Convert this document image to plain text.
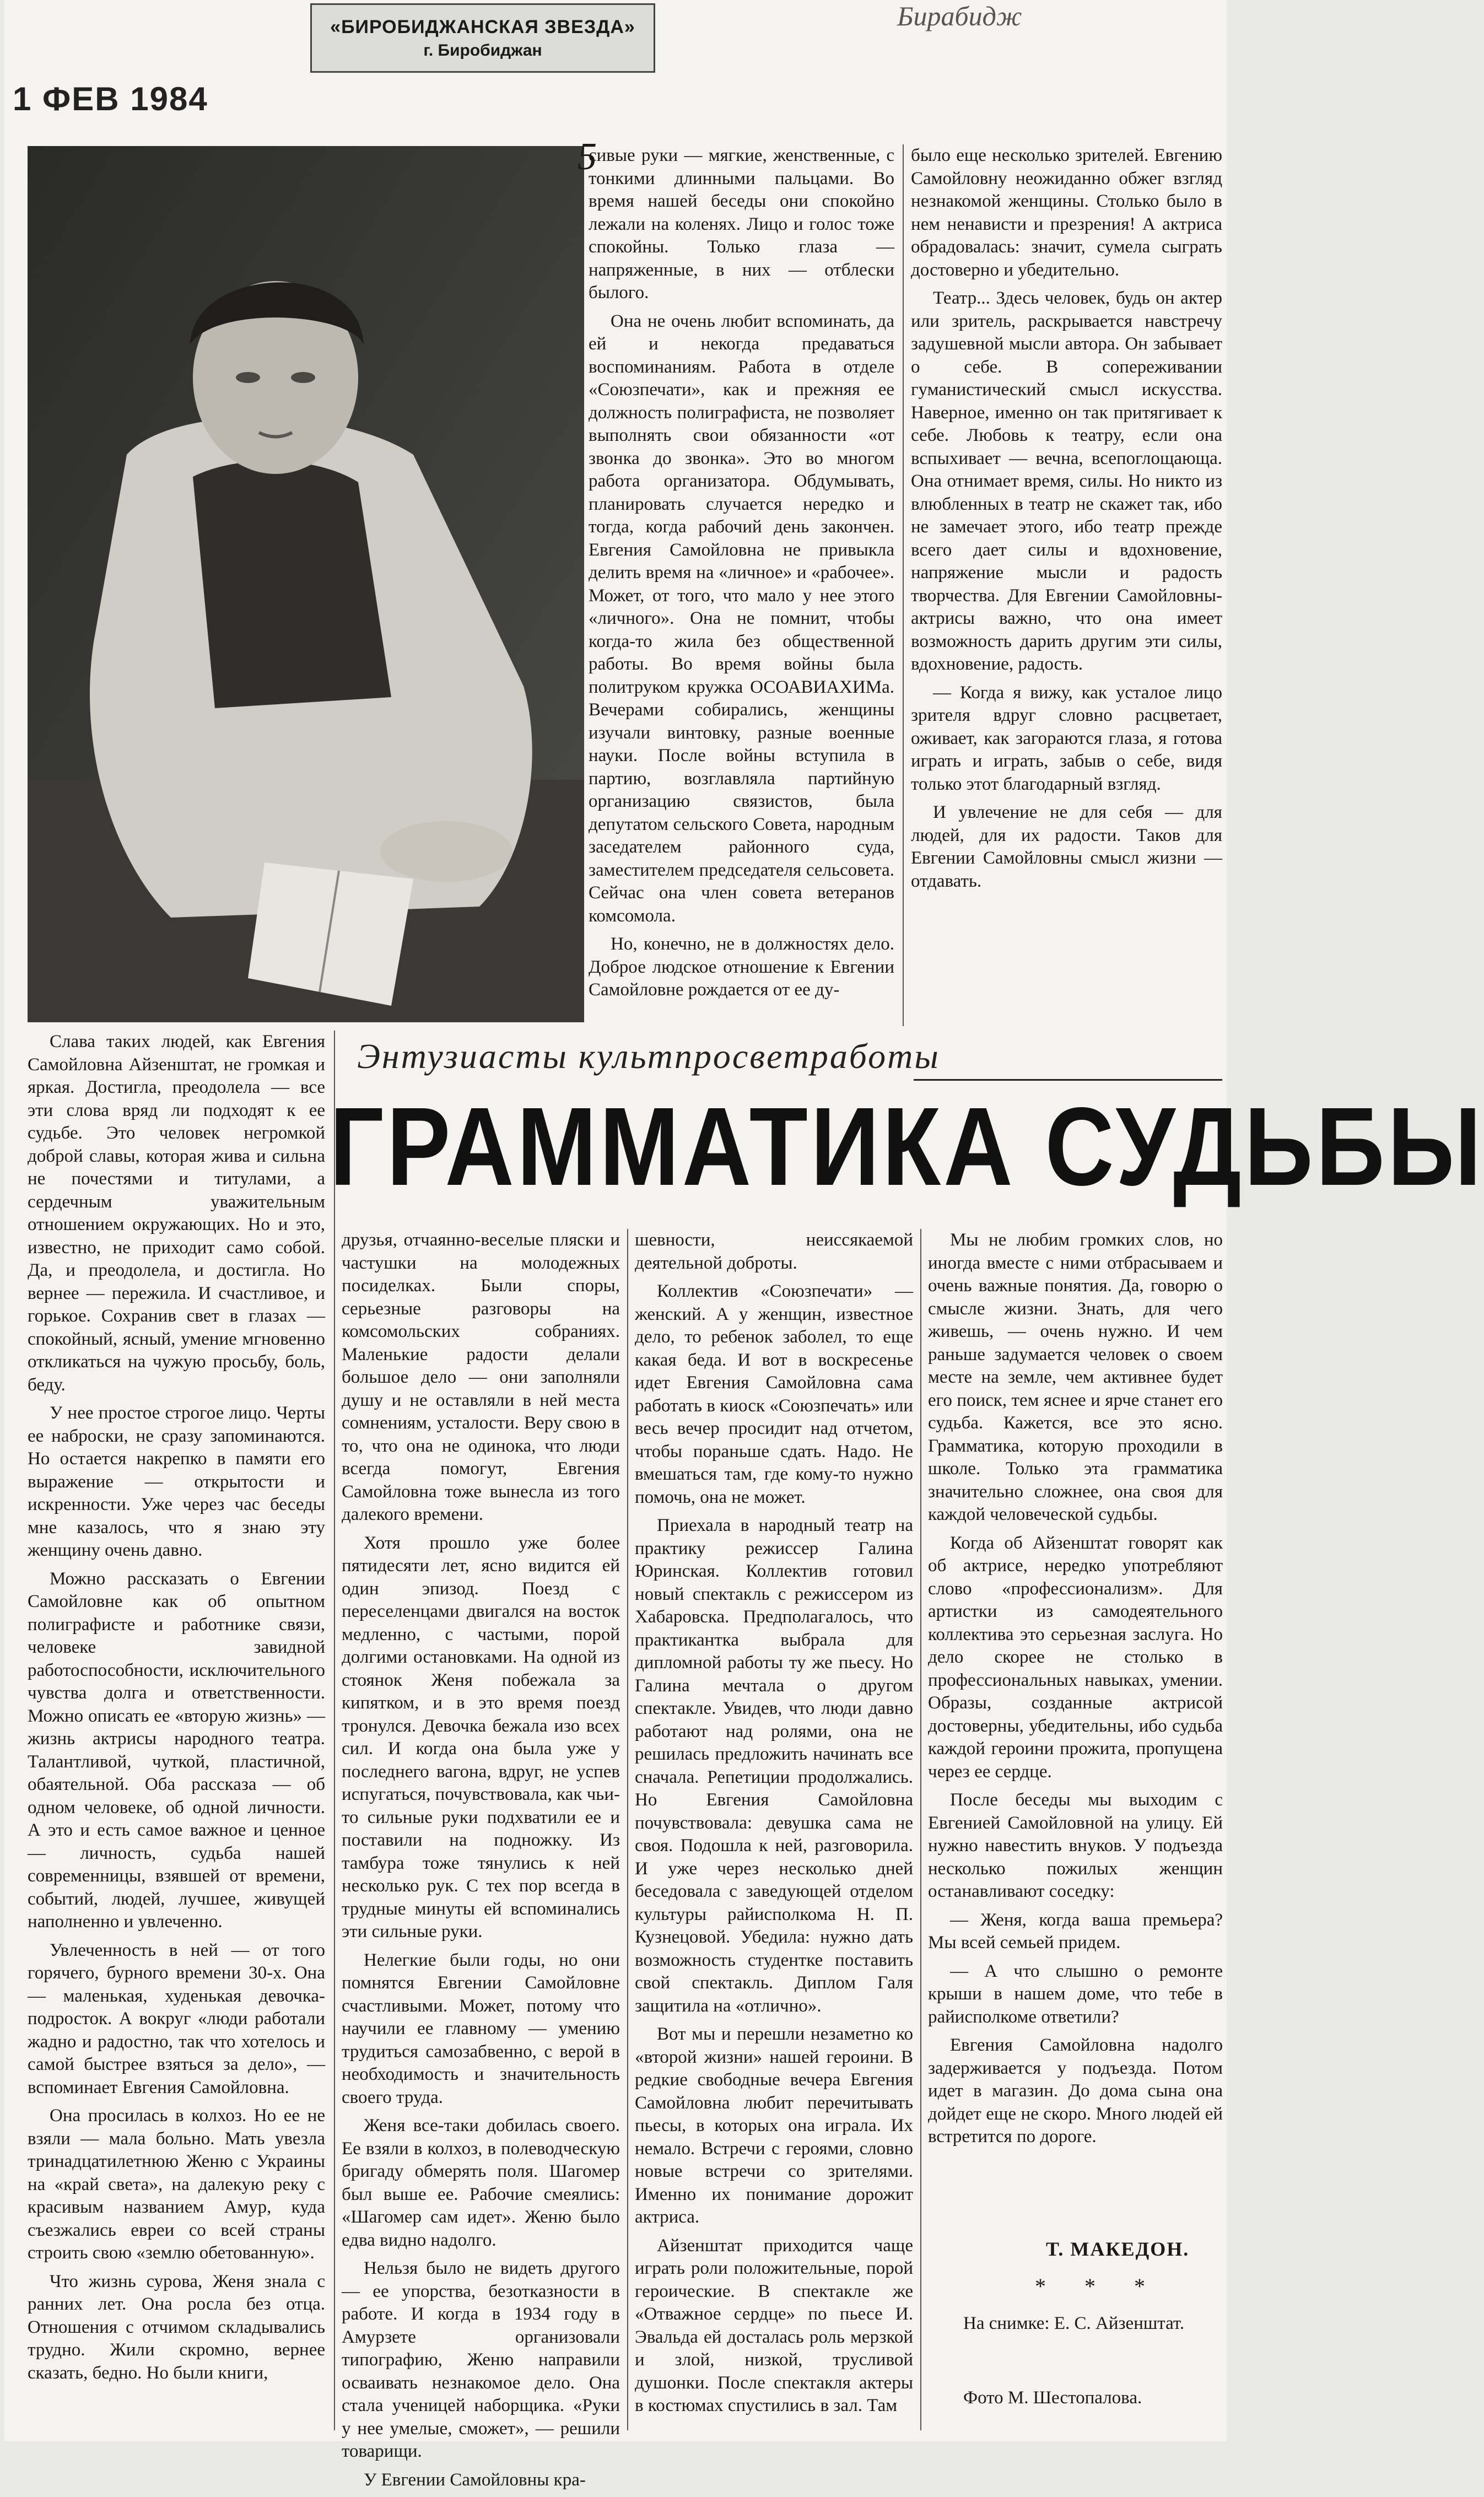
Бирабидж
«БИРОБИДЖАНСКАЯ ЗВЕЗДА»
г. Биробиджан
1 ФЕВ 1984
5

сивые руки — мягкие, женственные, с тонкими длинными пальцами. Во время нашей беседы они спокойно лежали на коленях. Лицо и голос тоже спокойны. Только глаза — напряженные, в них — отблески былого.

Она не очень любит вспоминать, да ей и некогда предаваться воспоминаниям. Работа в отделе «Союзпечати», как и прежняя ее должность полиграфиста, не позволяет выполнять свои обязанности «от звонка до звонка». Это во многом работа организатора. Обдумывать, планировать случается нередко и тогда, когда рабочий день закончен. Евгения Самойловна не привыкла делить время на «личное» и «рабочее». Может, от того, что мало у нее этого «личного». Она не помнит, чтобы когда-то жила без общественной работы. Во время войны была политруком кружка ОСОАВИАХИМа. Вечерами собирались, женщины изучали винтовку, разные военные науки. После войны вступила в партию, возглавляла партийную организацию связистов, была депутатом сельского Совета, народным заседателем районного суда, заместителем председателя сельсовета. Сейчас она член совета ветеранов комсомола.

Но, конечно, не в должностях дело. Доброе людское отношение к Евгении Самойловне рождается от ее ду-

было еще несколько зрителей. Евгению Самойловну неожиданно обжег взгляд незнакомой женщины. Столько было в нем ненависти и презрения! А актриса обрадовалась: значит, сумела сыграть достоверно и убедительно.

Театр... Здесь человек, будь он актер или зритель, раскрывается навстречу задушевной мысли автора. Он забывает о себе. В сопереживании гуманистический смысл искусства. Наверное, именно он так притягивает к себе. Любовь к театру, если она вспыхивает — вечна, всепоглощающа. Она отнимает время, силы. Но никто из влюбленных в театр не скажет так, ибо не замечает этого, ибо театр прежде всего дает силы и вдохновение, напряжение мысли и радость творчества. Для Евгении Самойловны-актрисы важно, что она имеет возможность дарить другим эти силы, вдохновение, радость.

— Когда я вижу, как усталое лицо зрителя вдруг словно расцветает, оживает, как загораются глаза, я готова играть и играть, забыв о себе, видя только этот благодарный взгляд.

И увлечение не для себя — для людей, для их радости. Таков для Евгении Самойловны смысл жизни — отдавать.

Энтузиасты культпросветработы
ГРАММАТИКА СУДЬБЫ

Слава таких людей, как Евгения Самойловна Айзенштат, не громкая и яркая. Достигла, преодолела — все эти слова вряд ли подходят к ее судьбе. Это человек негромкой доброй славы, которая жива и сильна не почестями и титулами, а сердечным уважительным отношением окружающих. Но и это, известно, не приходит само собой. Да, и преодолела, и достигла. Но вернее — пережила. И счастливое, и горькое. Сохранив свет в глазах — спокойный, ясный, умение мгновенно откликаться на чужую просьбу, боль, беду.

У нее простое строгое лицо. Черты ее наброски, не сразу запоминаются. Но остается накрепко в памяти его выражение — открытости и искренности. Уже через час беседы мне казалось, что я знаю эту женщину очень давно.

Можно рассказать о Евгении Самойловне как об опытном полиграфисте и работнике связи, человеке завидной работоспособности, исключительного чувства долга и ответственности. Можно описать ее «вторую жизнь» — жизнь актрисы народного театра. Талантливой, чуткой, пластичной, обаятельной. Оба рассказа — об одном человеке, об одной личности. А это и есть самое важное и ценное — личность, судьба нашей современницы, взявшей от времени, событий, людей, лучшее, живущей наполненно и увлеченно.

Увлеченность в ней — от того горячего, бурного времени 30-х. Она — маленькая, худенькая девочка-подросток. А вокруг «люди работали жадно и радостно, так что хотелось и самой быстрее взяться за дело», — вспоминает Евгения Самойловна.

Она просилась в колхоз. Но ее не взяли — мала больно. Мать увезла тринадцатилетнюю Женю с Украины на «край света», на далекую реку с красивым названием Амур, куда съезжались евреи со всей страны строить свою «землю обетованную».

Что жизнь сурова, Женя знала с ранних лет. Она росла без отца. Отношения с отчимом складывались трудно. Жили скромно, вернее сказать, бедно. Но были книги,

друзья, отчаянно-веселые пляски и частушки на молодежных посиделках. Были споры, серьезные разговоры на комсомольских собраниях. Маленькие радости делали большое дело — они заполняли душу и не оставляли в ней места сомнениям, усталости. Веру свою в то, что она не одинока, что люди всегда помогут, Евгения Самойловна тоже вынесла из того далекого времени.

Хотя прошло уже более пятидесяти лет, ясно видится ей один эпизод. Поезд с переселенцами двигался на восток медленно, с частыми, порой долгими остановками. На одной из стоянок Женя побежала за кипятком, и в это время поезд тронулся. Девочка бежала изо всех сил. И когда она была уже у последнего вагона, вдруг, не успев испугаться, почувствовала, как чьи-то сильные руки подхватили ее и поставили на подножку. Из тамбура тоже тянулись к ней несколько рук. С тех пор всегда в трудные минуты ей вспоминались эти сильные руки.

Нелегкие были годы, но они помнятся Евгении Самойловне счастливыми. Может, потому что научили ее главному — умению трудиться самозабвенно, с верой в необходимость и значительность своего труда.

Женя все-таки добилась своего. Ее взяли в колхоз, в полеводческую бригаду обмерять поля. Шагомер был выше ее. Рабочие смеялись: «Шагомер сам идет». Женю было едва видно надолго.

Нельзя было не видеть другого — ее упорства, безотказности в работе. И когда в 1934 году в Амурзете организовали типографию, Женю направили осваивать незнакомое дело. Она стала ученицей наборщика. «Руки у нее умелые, сможет», — решили товарищи.

У Евгении Самойловны кра-

шевности, неиссякаемой деятельной доброты.

Коллектив «Союзпечати» — женский. А у женщин, известное дело, то ребенок заболел, то еще какая беда. И вот в воскресенье идет Евгения Самойловна сама работать в киоск «Союзпечать» или весь вечер просидит над отчетом, чтобы пораньше сдать. Надо. Не вмешаться там, где кому-то нужно помочь, она не может.

Приехала в народный театр на практику режиссер Галина Юринская. Коллектив готовил новый спектакль с режиссером из Хабаровска. Предполагалось, что практикантка выбрала для дипломной работы ту же пьесу. Но Галина мечтала о другом спектакле. Увидев, что люди давно работают над ролями, она не решилась предложить начинать все сначала. Репетиции продолжались. Но Евгения Самойловна почувствовала: девушка сама не своя. Подошла к ней, разговорила. И уже через несколько дней беседовала с заведующей отделом культуры райисполкома Н. П. Кузнецовой. Убедила: нужно дать возможность студентке поставить свой спектакль. Диплом Галя защитила на «отлично».

Вот мы и перешли незаметно ко «второй жизни» нашей героини. В редкие свободные вечера Евгения Самойловна любит перечитывать пьесы, в которых она играла. Их немало. Встречи с героями, словно новые встречи со зрителями. Именно их понимание дорожит актриса.

Айзенштат приходится чаще играть роли положительные, порой героические. В спектакле же «Отважное сердце» по пьесе И. Эвальда ей досталась роль мерзкой и злой, низкой, трусливой душонки. После спектакля актеры в костюмах спустились в зал. Там

Мы не любим громких слов, но иногда вместе с ними отбрасываем и очень важные понятия. Да, говорю о смысле жизни. Знать, для чего живешь, — очень нужно. И чем раньше задумается человек о своем месте на земле, чем активнее будет его поиск, тем яснее и ярче станет его судьба. Кажется, все это ясно. Грамматика, которую проходили в школе. Только эта грамматика значительно сложнее, она своя для каждой человеческой судьбы.

Когда об Айзенштат говорят как об актрисе, нередко употребляют слово «профессионализм». Для артистки из самодеятельного коллектива это серьезная заслуга. Но дело скорее не столько в профессиональных навыках, умении. Образы, созданные актрисой достоверны, убедительны, ибо судьба каждой героини прожита, пропущена через ее сердце.

После беседы мы выходим с Евгенией Самойловной на улицу. Ей нужно навестить внуков. У подъезда несколько пожилых женщин останавливают соседку:

— Женя, когда ваша премьера? Мы всей семьей придем.

— А что слышно о ремонте крыши в нашем доме, что тебе в райисполкоме ответили?

Евгения Самойловна надолго задерживается у подъезда. Потом идет в магазин. До дома сына она дойдет еще не скоро. Много людей ей встретится по дороге.

Т. МАКЕДОН.
* * *
На снимке: Е. С. Айзенштат.
Фото М. Шестопалова.
